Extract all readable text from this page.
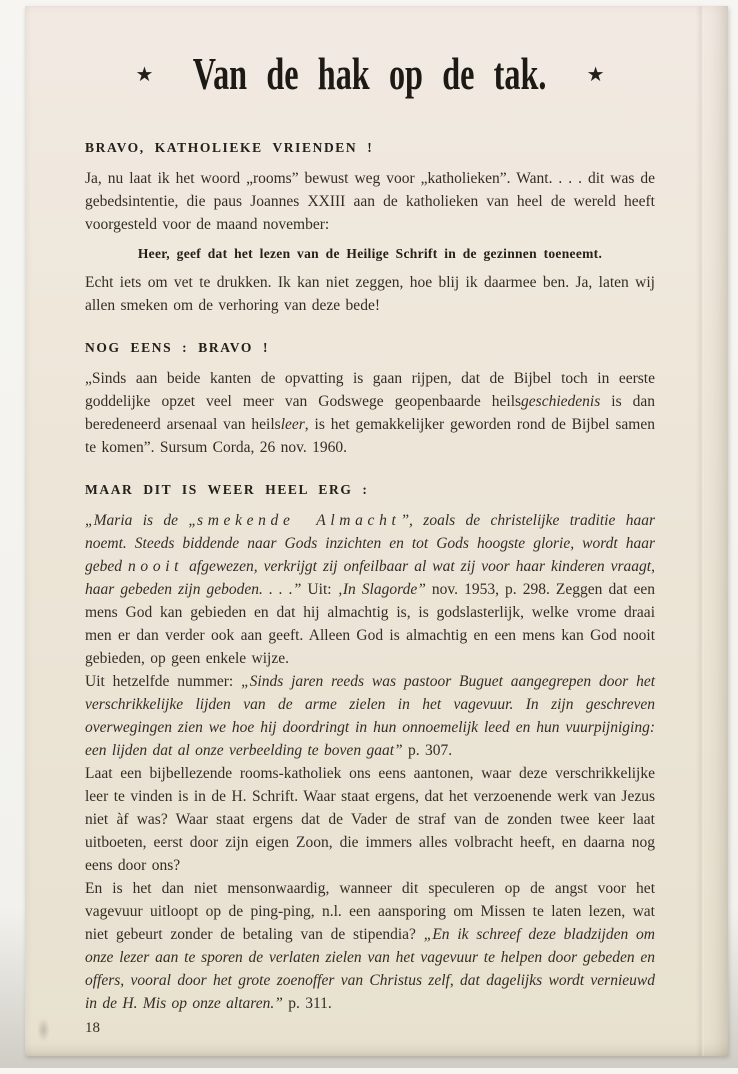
★ Van de hak op de tak. ★
BRAVO, KATHOLIEKE VRIENDEN !

Ja, nu laat ik het woord „rooms” bewust weg voor „katholieken”. Want. . . . dit was de gebedsintentie, die paus Joannes XXIII aan de katholieken van heel de wereld heeft voorgesteld voor de maand november:

Heer, geef dat het lezen van de Heilige Schrift in de gezinnen toeneemt.

Echt iets om vet te drukken. Ik kan niet zeggen, hoe blij ik daarmee ben. Ja, laten wij allen smeken om de verhoring van deze bede!

NOG EENS : BRAVO !

„Sinds aan beide kanten de opvatting is gaan rijpen, dat de Bijbel toch in eerste goddelijke opzet veel meer van Godswege geopenbaarde heilsgeschiedenis is dan beredeneerd arsenaal van heilsleer, is het gemakkelijker geworden rond de Bijbel samen te komen”. Sursum Corda, 26 nov. 1960.

MAAR DIT IS WEER HEEL ERG :

„Maria is de „smekende Almacht”, zoals de christelijke traditie haar noemt. Steeds biddende naar Gods inzichten en tot Gods hoogste glorie, wordt haar gebed nooit afgewezen, verkrijgt zij onfeilbaar al wat zij voor haar kinderen vraagt, haar gebeden zijn geboden. . . .” Uit: ‚In Slagorde” nov. 1953, p. 298. Zeggen dat een mens God kan gebieden en dat hij almachtig is, is godslasterlijk, welke vrome draai men er dan verder ook aan geeft. Alleen God is almachtig en een mens kan God nooit gebieden, op geen enkele wijze.

Uit hetzelfde nummer: „Sinds jaren reeds was pastoor Buguet aangegrepen door het verschrikkelijke lijden van de arme zielen in het vagevuur. In zijn geschreven overwegingen zien we hoe hij doordringt in hun onnoemelijk leed en hun vuurpijniging: een lijden dat al onze verbeelding te boven gaat” p. 307.

Laat een bijbellezende rooms-katholiek ons eens aantonen, waar deze verschrikkelijke leer te vinden is in de H. Schrift. Waar staat ergens, dat het verzoenende werk van Jezus niet àf was? Waar staat ergens dat de Vader de straf van de zonden twee keer laat uitboeten, eerst door zijn eigen Zoon, die immers alles volbracht heeft, en daarna nog eens door ons?

En is het dan niet mensonwaardig, wanneer dit speculeren op de angst voor het vagevuur uitloopt op de ping-ping, n.l. een aansporing om Missen te laten lezen, wat niet gebeurt zonder de betaling van de stipendia? „En ik schreef deze bladzijden om onze lezer aan te sporen de verlaten zielen van het vagevuur te helpen door gebeden en offers, vooral door het grote zoenoffer van Christus zelf, dat dagelijks wordt vernieuwd in de H. Mis op onze altaren.” p. 311.

18
